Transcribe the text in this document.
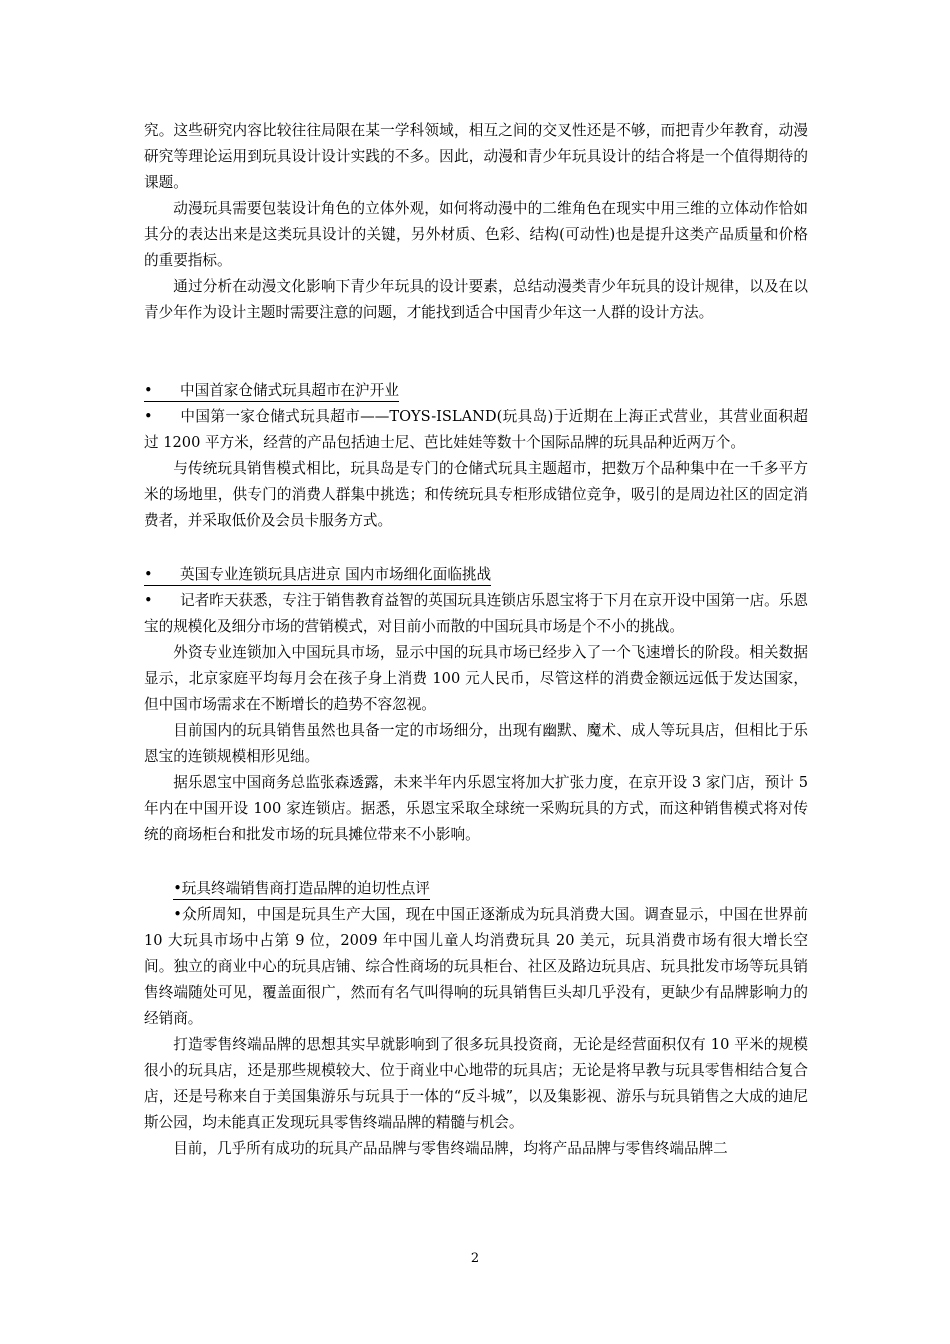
究。这些研究内容比较往往局限在某一学科领域，相互之间的交叉性还是不够，而把青少年教育，动漫研究等理论运用到玩具设计设计实践的不多。因此，动漫和青少年玩具设计的结合将是一个值得期待的课题。

动漫玩具需要包装设计角色的立体外观，如何将动漫中的二维角色在现实中用三维的立体动作恰如其分的表达出来是这类玩具设计的关键，另外材质、色彩、结构(可动性)也是提升这类产品质量和价格的重要指标。

通过分析在动漫文化影响下青少年玩具的设计要素，总结动漫类青少年玩具的设计规律，以及在以青少年作为设计主题时需要注意的问题，才能找到适合中国青少年这一人群的设计方法。

• 中国首家仓储式玩具超市在沪开业

• 中国第一家仓储式玩具超市——TOYS-ISLAND(玩具岛)于近期在上海正式营业，其营业面积超过 1200 平方米，经营的产品包括迪士尼、芭比娃娃等数十个国际品牌的玩具品种近两万个。

与传统玩具销售模式相比，玩具岛是专门的仓储式玩具主题超市，把数万个品种集中在一千多平方米的场地里，供专门的消费人群集中挑选；和传统玩具专柜形成错位竞争，吸引的是周边社区的固定消费者，并采取低价及会员卡服务方式。

• 英国专业连锁玩具店进京 国内市场细化面临挑战

• 记者昨天获悉，专注于销售教育益智的英国玩具连锁店乐恩宝将于下月在京开设中国第一店。乐恩宝的规模化及细分市场的营销模式，对目前小而散的中国玩具市场是个不小的挑战。

外资专业连锁加入中国玩具市场，显示中国的玩具市场已经步入了一个飞速增长的阶段。相关数据显示，北京家庭平均每月会在孩子身上消费 100 元人民币，尽管这样的消费金额远远低于发达国家，但中国市场需求在不断增长的趋势不容忽视。

目前国内的玩具销售虽然也具备一定的市场细分，出现有幽默、魔术、成人等玩具店，但相比于乐恩宝的连锁规模相形见绌。

据乐恩宝中国商务总监张森透露，未来半年内乐恩宝将加大扩张力度，在京开设 3 家门店，预计 5 年内在中国开设 100 家连锁店。据悉，乐恩宝采取全球统一采购玩具的方式，而这种销售模式将对传统的商场柜台和批发市场的玩具摊位带来不小影响。

•玩具终端销售商打造品牌的迫切性点评

•众所周知，中国是玩具生产大国，现在中国正逐渐成为玩具消费大国。调查显示，中国在世界前 10 大玩具市场中占第 9 位，2009 年中国儿童人均消费玩具 20 美元，玩具消费市场有很大增长空间。独立的商业中心的玩具店铺、综合性商场的玩具柜台、社区及路边玩具店、玩具批发市场等玩具销售终端随处可见，覆盖面很广，然而有名气叫得响的玩具销售巨头却几乎没有，更缺少有品牌影响力的经销商。

打造零售终端品牌的思想其实早就影响到了很多玩具投资商，无论是经营面积仅有 10 平米的规模很小的玩具店，还是那些规模较大、位于商业中心地带的玩具店；无论是将早教与玩具零售相结合复合店，还是号称来自于美国集游乐与玩具于一体的“反斗城”，以及集影视、游乐与玩具销售之大成的迪尼斯公园，均未能真正发现玩具零售终端品牌的精髓与机会。

目前，几乎所有成功的玩具产品品牌与零售终端品牌，均将产品品牌与零售终端品牌二

2
